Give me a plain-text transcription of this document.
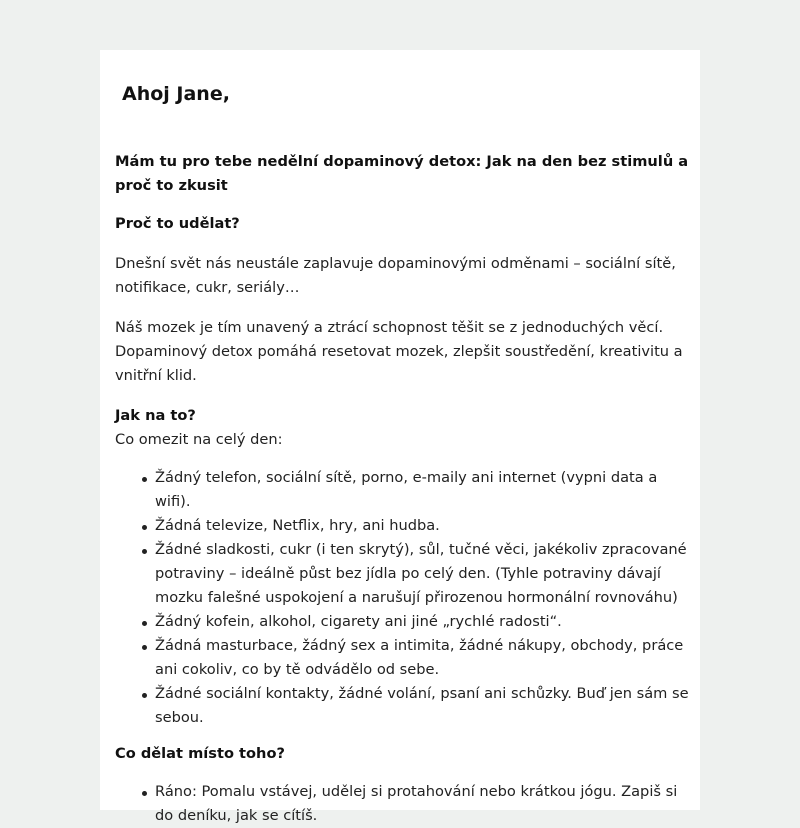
Ahoj Jane,

Mám tu pro tebe nedělní dopaminový detox: Jak na den bez stimulů a proč to zkusit

Proč to udělat?

Dnešní svět nás neustále zaplavuje dopaminovými odměnami – sociální sítě, notifikace, cukr, seriály…

Náš mozek je tím unavený a ztrácí schopnost těšit se z jednoduchých věcí. Dopaminový detox pomáhá resetovat mozek, zlepšit soustředění, kreativitu a vnitřní klid.

Jak na to?

Co omezit na celý den:

Žádný telefon, sociální sítě, porno, e-maily ani internet (vypni data a wifi).
Žádná televize, Netflix, hry, ani hudba.
Žádné sladkosti, cukr (i ten skrytý), sůl, tučné věci, jakékoliv zpracované potraviny – ideálně půst bez jídla po celý den. (Tyhle potraviny dávají mozku falešné uspokojení a narušují přirozenou hormonální rovnováhu)
Žádný kofein, alkohol, cigarety ani jiné „rychlé radosti“.
Žádná masturbace, žádný sex a intimita, žádné nákupy, obchody, práce ani cokoliv, co by tě odvádělo od sebe.
Žádné sociální kontakty, žádné volání, psaní ani schůzky. Buď jen sám se sebou.

Co dělat místo toho?

Ráno: Pomalu vstávej, udělej si protahování nebo krátkou jógu. Zapiš si do deníku, jak se cítíš.
